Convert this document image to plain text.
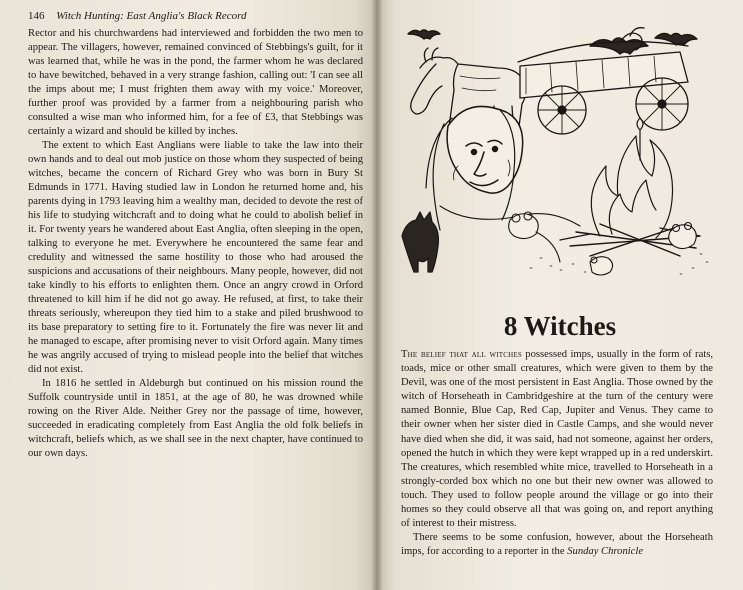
146 Witch Hunting: East Anglia's Black Record

Rector and his churchwardens had interviewed and forbidden the two men to appear. The villagers, however, remained convinced of Stebbings's guilt, for it was learned that, while he was in the pond, the farmer whom he was declared to have bewitched, behaved in a very strange fashion, calling out: 'I can see all the imps about me; I must frighten them away with my voice.' Moreover, further proof was provided by a farmer from a neighbouring parish who consulted a wise man who informed him, for a fee of £3, that Stebbings was certainly a wizard and should be killed by inches.

The extent to which East Anglians were liable to take the law into their own hands and to deal out mob justice on those whom they suspected of being witches, became the concern of Richard Grey who was born in Bury St Edmunds in 1771. Having studied law in London he returned home and, his parents dying in 1793 leaving him a wealthy man, decided to devote the rest of his life to studying witchcraft and to doing what he could to abolish belief in it. For twenty years he wandered about East Anglia, often sleeping in the open, talking to everyone he met. Everywhere he encountered the same fear and credulity and witnessed the same hostility to those who had aroused the suspicions and accusations of their neighbours. Many people, however, did not take kindly to his efforts to enlighten them. Once an angry crowd in Orford threatened to kill him if he did not go away. He refused, at first, to take their threats seriously, whereupon they tied him to a stake and piled brushwood to its base preparatory to setting fire to it. Fortunately the fire was never lit and he managed to escape, after promising never to visit Orford again. Many times he was angrily accused of trying to mislead people into the belief that witches did not exist.

In 1816 he settled in Aldeburgh but continued on his mission round the Suffolk countryside until in 1851, at the age of 80, he was drowned while rowing on the River Alde. Neither Grey nor the passage of time, however, succeeded in eradicating completely from East Anglia the old folk beliefs in witchcraft, beliefs which, as we shall see in the next chapter, have continued to our own days.

8 Witches

The belief that all witches possessed imps, usually in the form of rats, toads, mice or other small creatures, which were given to them by the Devil, was one of the most persistent in East Anglia. Those owned by the witch of Horseheath in Cambridgeshire at the turn of the century were named Bonnie, Blue Cap, Red Cap, Jupiter and Venus. They came to their owner when her sister died in Castle Camps, and she would never have died when she did, it was said, had not someone, against her orders, opened the hutch in which they were kept wrapped up in a red underskirt. The creatures, which resembled white mice, travelled to Horseheath in a strongly-corded box which no one but their new owner was allowed to touch. They used to follow people around the village or go into their homes so they could observe all that was going on, and report anything of interest to their mistress.

There seems to be some confusion, however, about the Horseheath imps, for according to a reporter in the Sunday Chronicle
